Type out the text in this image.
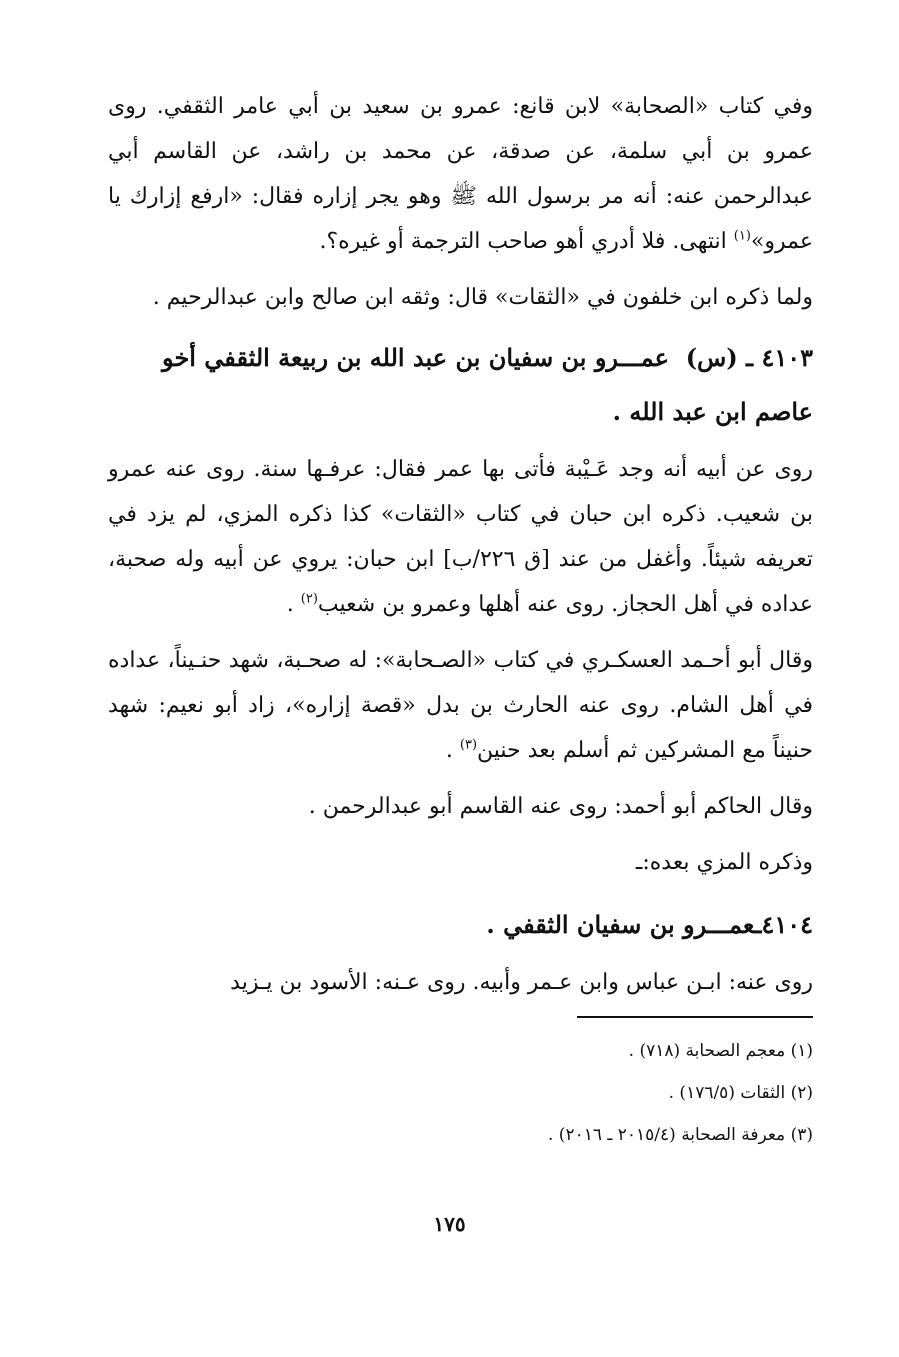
وفي كتاب «الصحابة» لابن قانع: عمرو بن سعيد بن أبي عامر الثقفي. روى عمرو بن أبي سلمة، عن صدقة، عن محمد بن راشد، عن القاسم أبي عبدالرحمن عنه: أنه مر برسول الله ﷺ وهو يجر إزاره فقال: «ارفع إزارك يا عمرو»$^{(١)}$ انتهى. فلا أدري أهو صاحب الترجمة أو غيره؟.

ولما ذكره ابن خلفون في «الثقات» قال: وثقه ابن صالح وابن عبدالرحيم .

٤١٠٣ ـ (س)  عمـــرو بن سفيان بن عبد الله بن ربيعة الثقفي أخو عاصم ابن عبد الله .

روى عن أبيه أنه وجد عَـيْبة فأتى بها عمر فقال: عرفـها سنة. روى عنه عمرو بن شعيب. ذكره ابن حبان في كتاب «الثقات» كذا ذكره المزي، لم يزد في تعريفه شيئاً. وأغفل من عند [ق ٢٢٦/ب] ابن حبان: يروي عن أبيه وله صحبة، عداده في أهل الحجاز. روى عنه أهلها وعمرو بن شعيب$^{(٢)}$ .

وقال أبو أحـمد العسكـري في كتاب «الصـحابة»: له صحـبة، شهد حنـيناً، عداده في أهل الشام. روى عنه الحارث بن بدل «قصة إزاره»، زاد أبو نعيم: شهد حنيناً مع المشركين ثم أسلم بعد حنين$^{(٣)}$ .

وقال الحاكم أبو أحمد: روى عنه القاسم أبو عبدالرحمن .

وذكره المزي بعده:ـ

٤١٠٤ـعمـــرو بن سفيان الثقفي .

روى عنه: ابـن عباس وابن عـمر وأبيه. روى عـنه: الأسود بن يـزيد

(١) معجم الصحابة (٧١٨) .
(٢) الثقات (١٧٦/٥) .
(٣) معرفة الصحابة (٢٠١٥/٤ ـ ٢٠١٦) .
١٧٥
